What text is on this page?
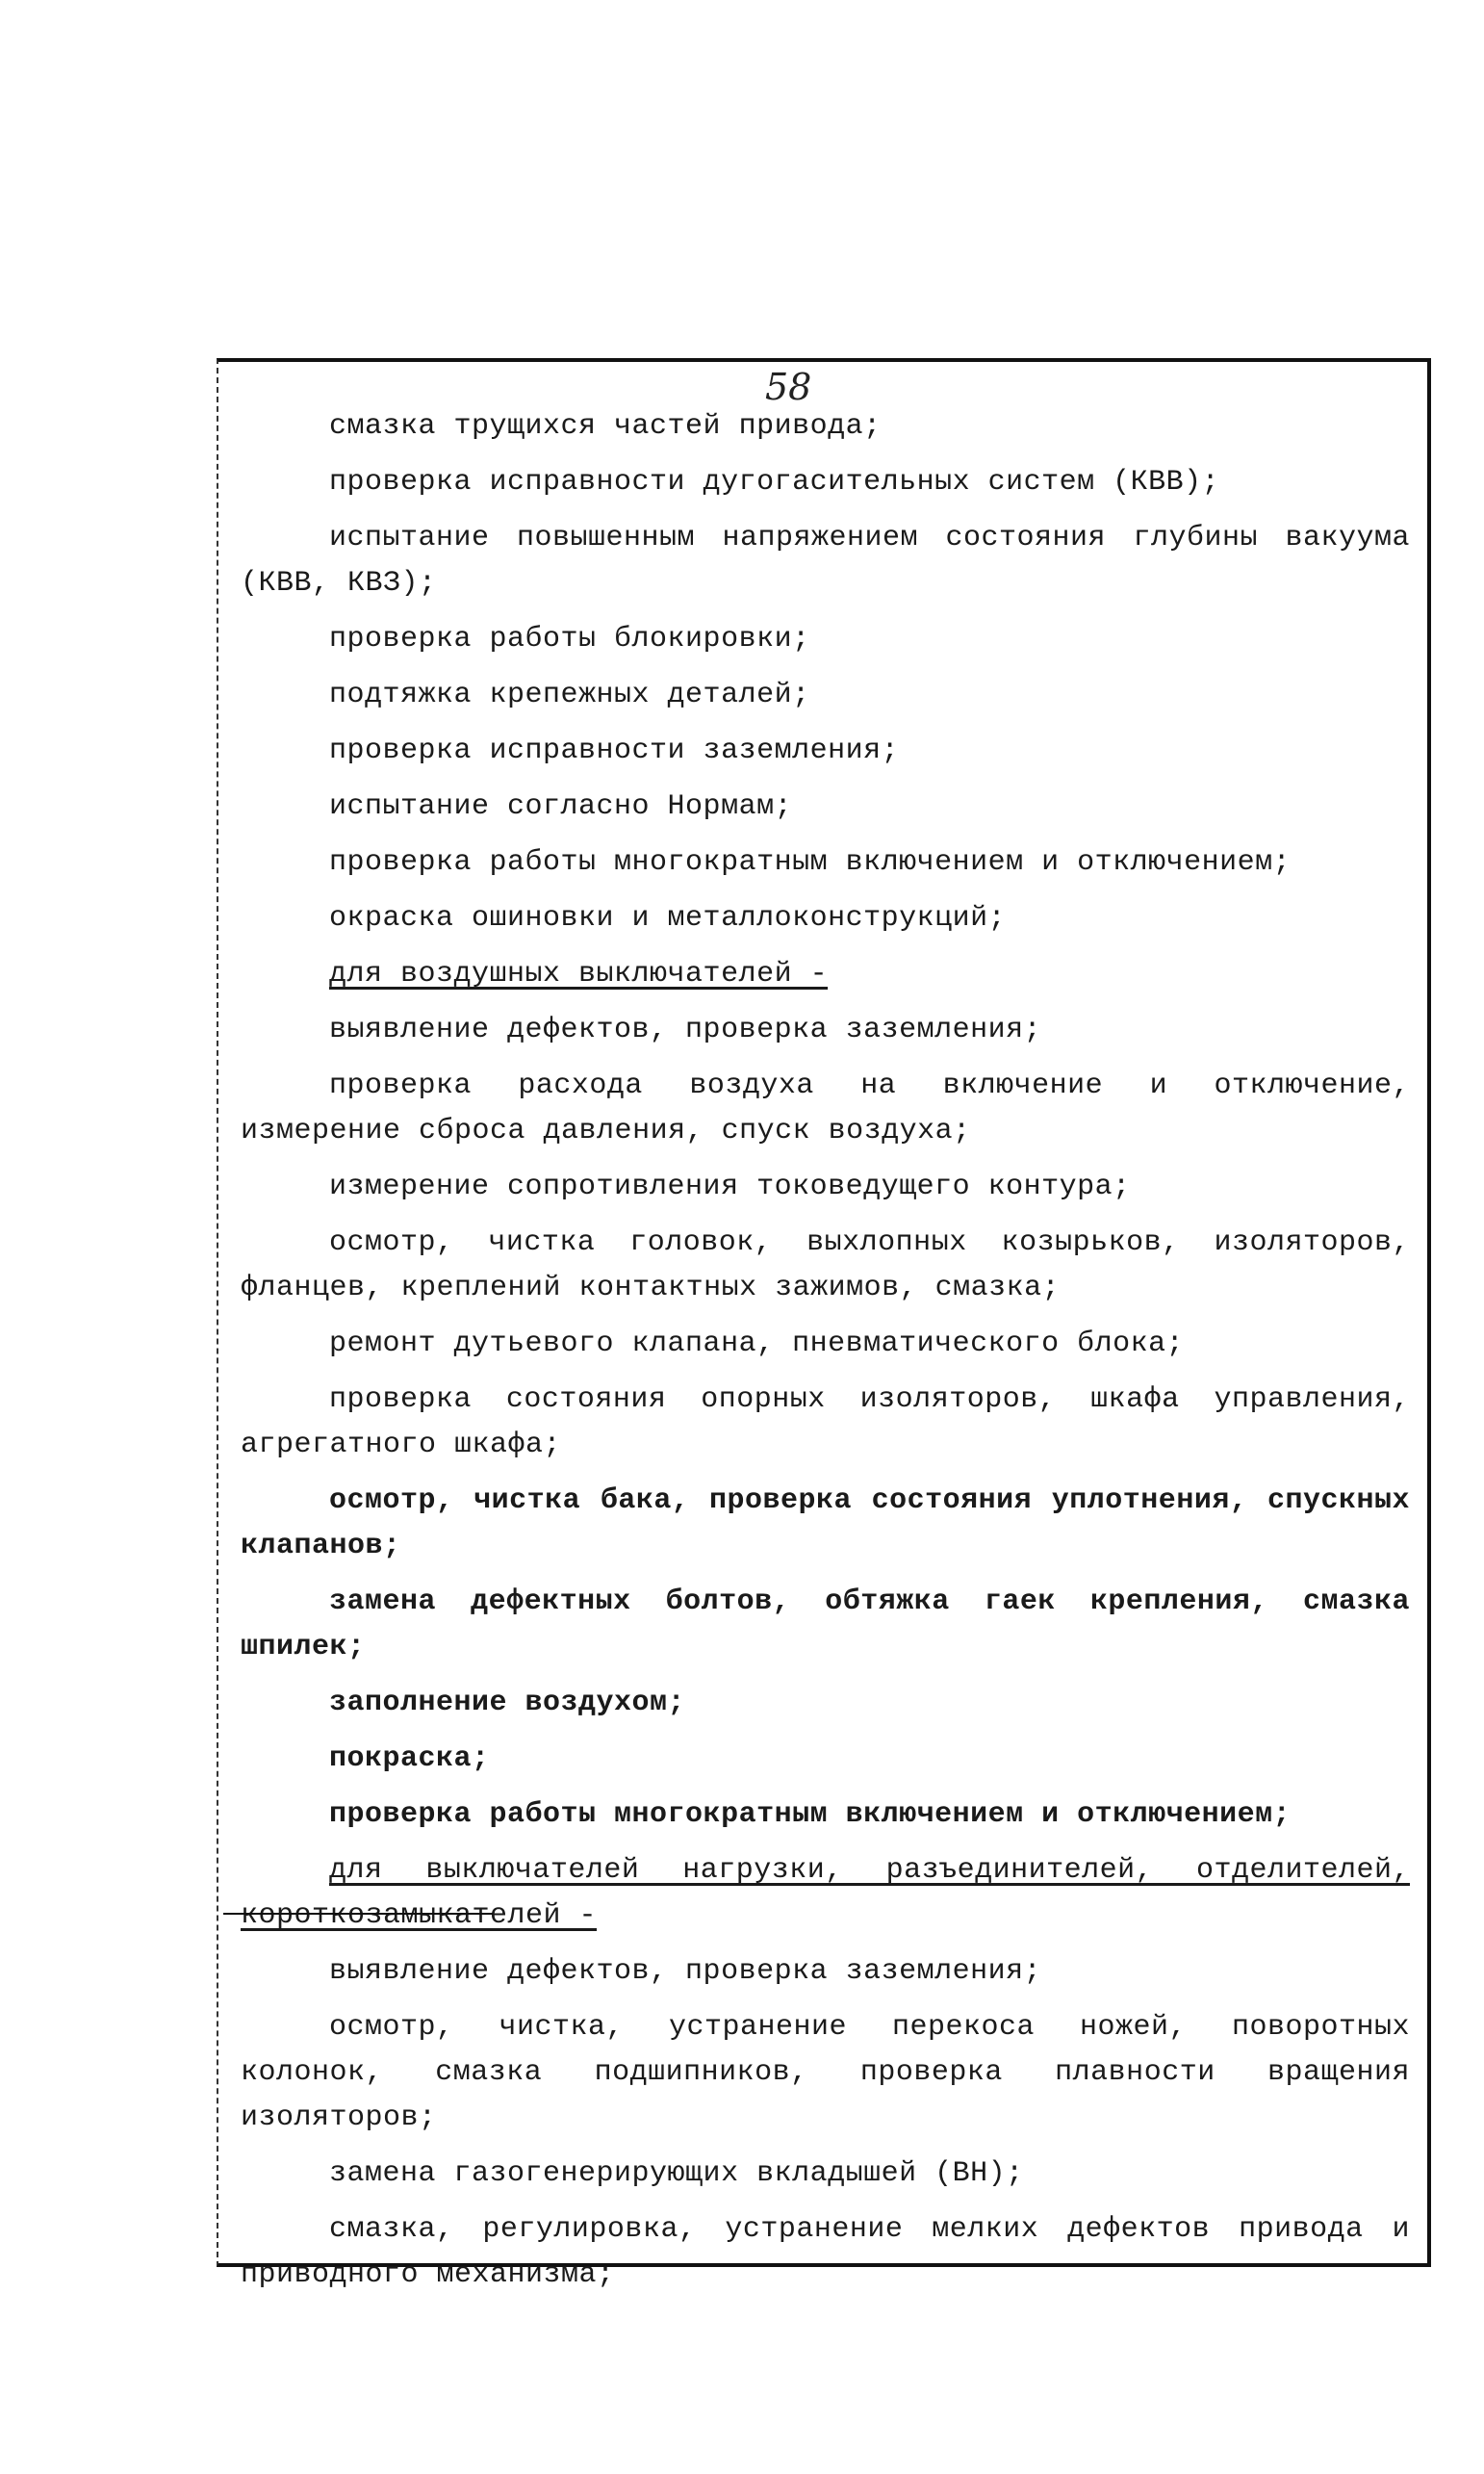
58

смазка трущихся частей привода;

проверка исправности дугогасительных систем (КВВ);

испытание повышенным напряжением состояния глубины вакуума (КВВ, КВЗ);

проверка работы блокировки;

подтяжка крепежных деталей;

проверка исправности заземления;

испытание согласно Нормам;

проверка работы многократным включением и отключением;

окраска ошиновки и металлоконструкций;

для воздушных выключателей -

выявление дефектов, проверка заземления;

проверка расхода воздуха на включение и отключение, измерение сброса давления, спуск воздуха;

измерение сопротивления токоведущего контура;

осмотр, чистка головок, выхлопных козырьков, изоляторов, фланцев, креплений контактных зажимов, смазка;

ремонт дутьевого клапана, пневматического блока;

проверка состояния опорных изоляторов, шкафа управления, агрегатного шкафа;

осмотр, чистка бака, проверка состояния уплотнения, спускных клапанов;

замена дефектных болтов, обтяжка гаек крепления, смазка шпилек;

заполнение воздухом;

покраска;

проверка работы многократным включением и отключением;

для выключателей нагрузки, разъединителей, отделителей, короткозамыкателей -

выявление дефектов, проверка заземления;

осмотр, чистка, устранение перекоса ножей, поворотных колонок, смазка подшипников, проверка плавности вращения изоляторов;

замена газогенерирующих вкладышей (ВН);

смазка, регулировка, устранение мелких дефектов привода и приводного механизма;
